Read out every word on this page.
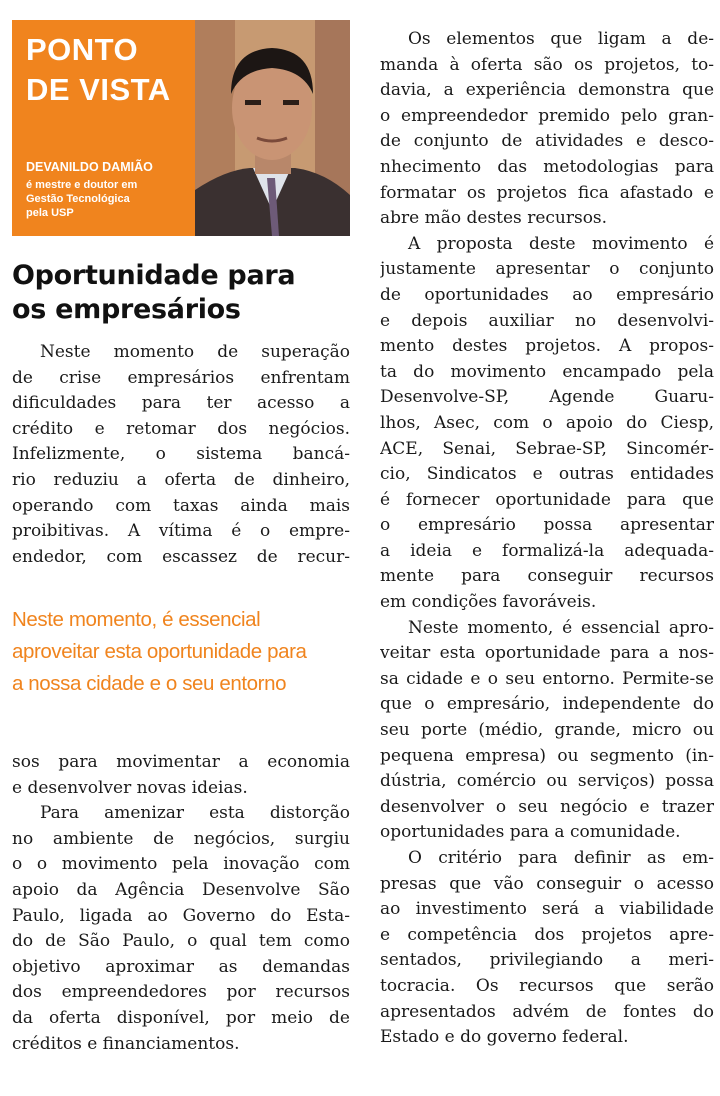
PONTO
DE VISTA

DEVANILDO DAMIÃO

é mestre e doutor em
Gestão Tecnológica
pela USP

Oportunidade para
os empresários
Neste momento de superação
de crise empresários enfrentam
dificuldades para ter acesso a
crédito e retomar dos negócios.
Infelizmente, o sistema bancá-
rio reduziu a oferta de dinheiro,
operando com taxas ainda mais
proibitivas. A vítima é o empre-
endedor, com escassez de recur-

Neste momento, é essencial
aproveitar esta oportunidade para
a nossa cidade e o seu entorno

sos para movimentar a economia
e desenvolver novas ideias.
Para amenizar esta distorção
no ambiente de negócios, surgiu
o o movimento pela inovação com
apoio da Agência Desenvolve São
Paulo, ligada ao Governo do Esta-
do de São Paulo, o qual tem como
objetivo aproximar as demandas
dos empreendedores por recursos
da oferta disponível, por meio de
créditos e financiamentos.
Os elementos que ligam a de-
manda à oferta são os projetos, to-
davia, a experiência demonstra que
o empreendedor premido pelo gran-
de conjunto de atividades e desco-
nhecimento das metodologias para
formatar os projetos fica afastado e
abre mão destes recursos.
A proposta deste movimento é
justamente apresentar o conjunto
de oportunidades ao empresário
e depois auxiliar no desenvolvi-
mento destes projetos. A propos-
ta do movimento encampado pela
Desenvolve-SP, Agende Guaru-
lhos, Asec, com o apoio do Ciesp,
ACE, Senai, Sebrae-SP, Sincomér-
cio, Sindicatos e outras entidades
é fornecer oportunidade para que
o empresário possa apresentar
a ideia e formalizá-la adequada-
mente para conseguir recursos
em condições favoráveis.
Neste momento, é essencial apro-
veitar esta oportunidade para a nos-
sa cidade e o seu entorno. Permite-se
que o empresário, independente do
seu porte (médio, grande, micro ou
pequena empresa) ou segmento (in-
dústria, comércio ou serviços) possa
desenvolver o seu negócio e trazer
oportunidades para a comunidade.
O critério para definir as em-
presas que vão conseguir o acesso
ao investimento será a viabilidade
e competência dos projetos apre-
sentados, privilegiando a meri-
tocracia. Os recursos que serão
apresentados advém de fontes do
Estado e do governo federal.
